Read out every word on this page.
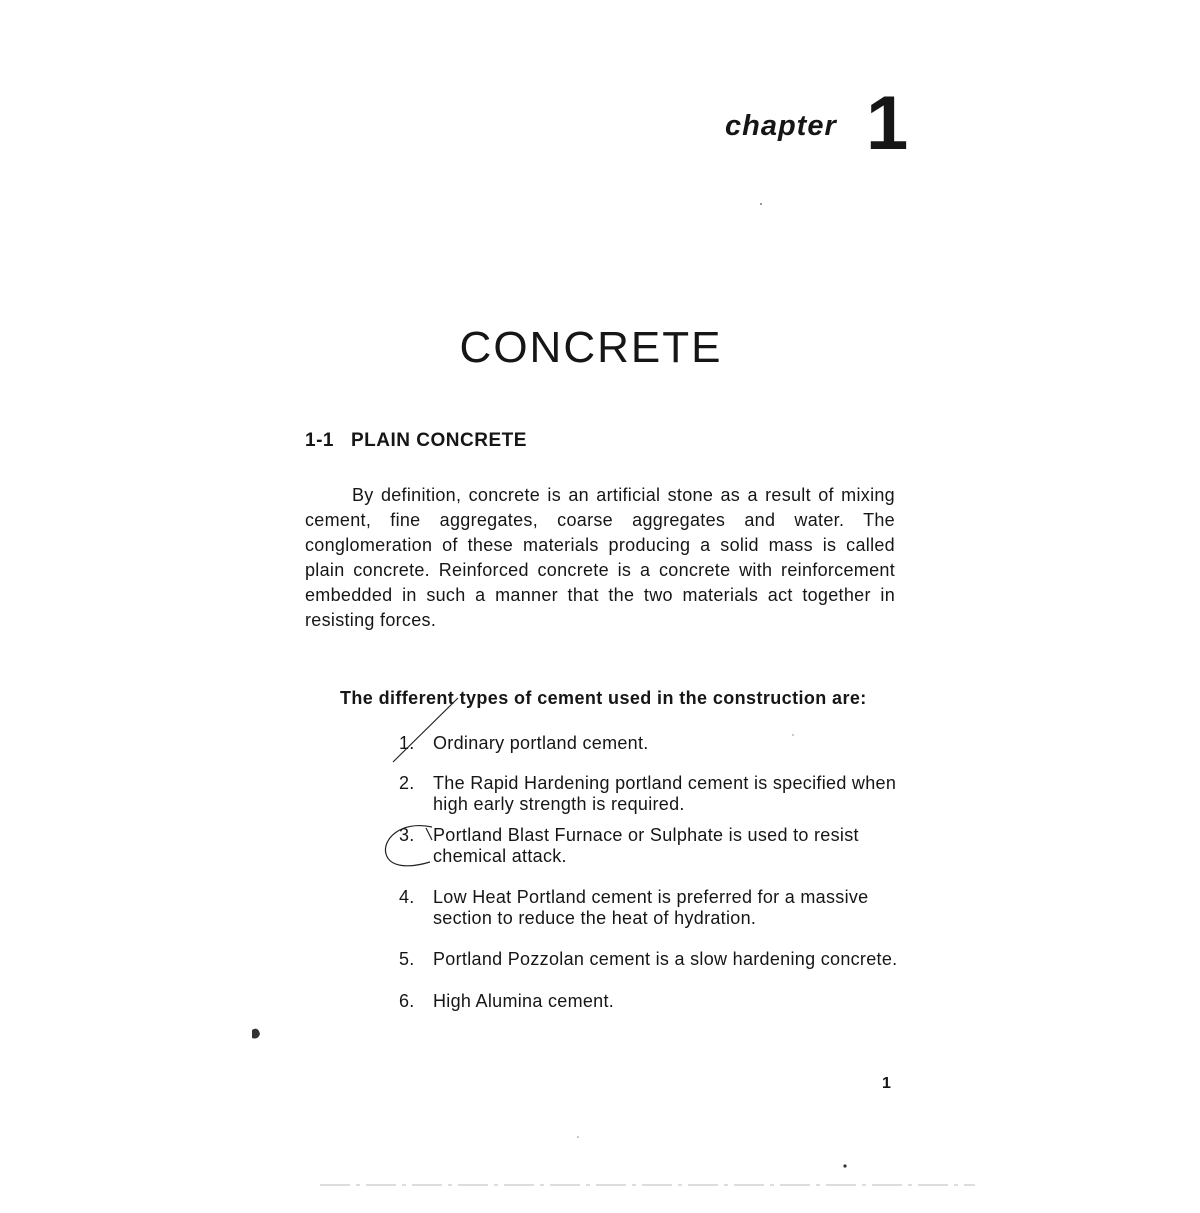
chapter 1
CONCRETE
1-1 PLAIN CONCRETE

By definition, concrete is an artificial stone as a result of mixing cement, fine aggregates, coarse aggregates and water. The conglomeration of these materials producing a solid mass is called plain concrete. Reinforced concrete is a concrete with reinforcement embedded in such a manner that the two materials act together in resisting forces.

The different types of cement used in the construction are:
1.	Ordinary portland cement.
2.	The Rapid Hardening portland cement is specified when high early strength is required.
3.	Portland Blast Furnace or Sulphate is used to resist chemical attack.
4.	Low Heat Portland cement is preferred for a massive section to reduce the heat of hydration.
5.	Portland Pozzolan cement is a slow hardening concrete.
6.	High Alumina cement.
1
